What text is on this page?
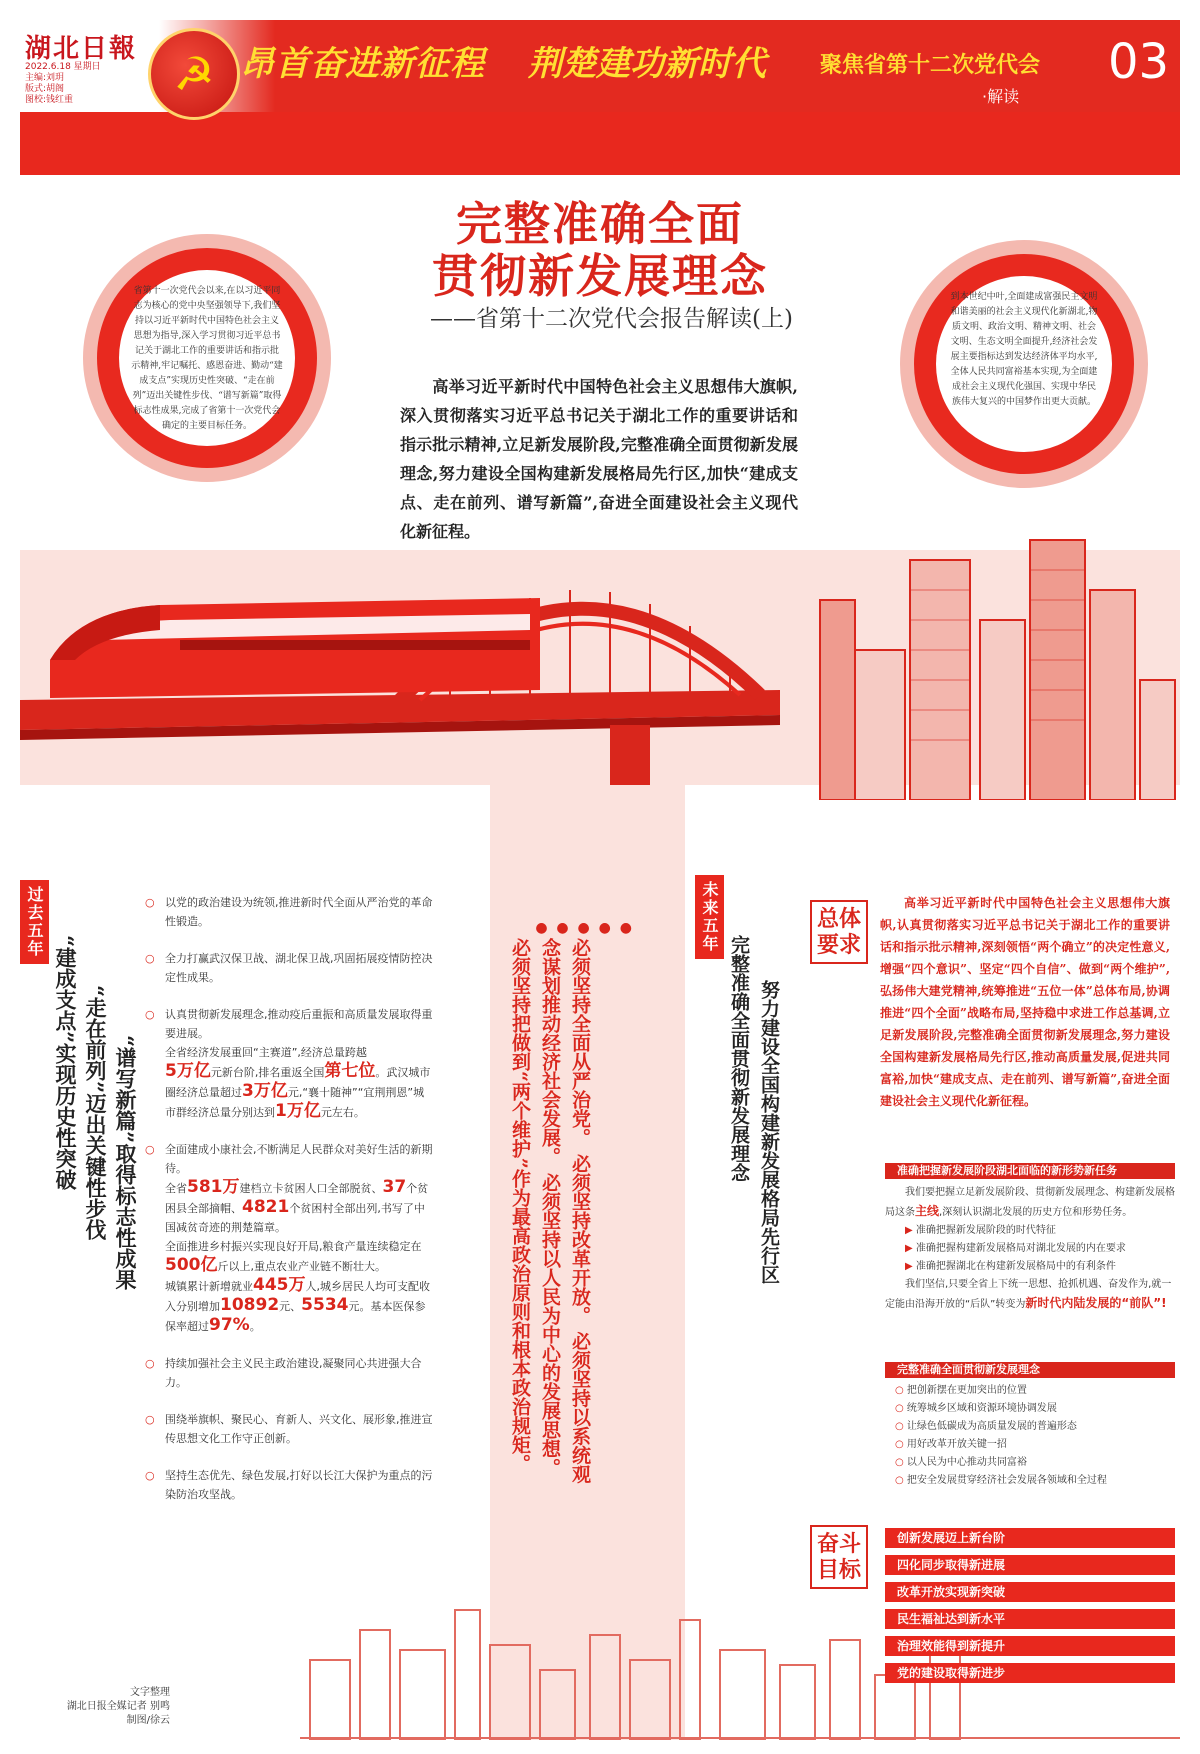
湖北日報
2022.6.18 星期日
主编:刘玥
版式:胡阁
图校:钱红重	☭ 昂首奋进新征程 荆楚建功新时代 聚焦省第十二次党代会
·解读
03
完整准确全面
贯彻新发展理念
——省第十二次党代会报告解读(上)

省第十一次党代会以来,在以习近平同志为核心的党中央坚强领导下,我们坚持以习近平新时代中国特色社会主义思想为指导,深入学习贯彻习近平总书记关于湖北工作的重要讲话和指示批示精神,牢记嘱托、感恩奋进、勤动“建成支点”实现历史性突破、“走在前列”迈出关键性步伐、“谱写新篇”取得标志性成果,完成了省第十一次党代会确定的主要目标任务。

到本世纪中叶,全面建成富强民主文明和谐美丽的社会主义现代化新湖北,物质文明、政治文明、精神文明、社会文明、生态文明全面提升,经济社会发展主要指标达到发达经济体平均水平,全体人民共同富裕基本实现,为全面建成社会主义现代化强国、实现中华民族伟大复兴的中国梦作出更大贡献。

高举习近平新时代中国特色社会主义思想伟大旗帜,深入贯彻落实习近平总书记关于湖北工作的重要讲话和指示批示精神,立足新发展阶段,完整准确全面贯彻新发展理念,努力建设全国构建新发展格局先行区,加快“建成支点、走在前列、谱写新篇”,奋进全面建设社会主义现代化新征程。
过去五年
“建成支点”实现历史性突破 “走在前列”迈出关键性步伐 “谱写新篇”取得标志性成果
○ 以党的政治建设为统领,推进新时代全面从严治党的革命性锻造。
○ 全力打赢武汉保卫战、湖北保卫战,巩固拓展疫情防控决定性成果。
○ 认真贯彻新发展理念,推动疫后重振和高质量发展取得重要进展。
全省经济发展重回“主赛道”,经济总量跨越
5万亿元新台阶,排名重返全国第七位。武汉城市圈经济总量超过3万亿元,“襄十随神”“宜荆荆恩”城市群经济总量分别达到1万亿元左右。
○ 全面建成小康社会,不断满足人民群众对美好生活的新期待。
全省581万建档立卡贫困人口全部脱贫、37个贫困县全部摘帽、4821个贫困村全部出列,书写了中国减贫奇迹的荆楚篇章。
全面推进乡村振兴实现良好开局,粮食产量连续稳定在500亿斤以上,重点农业产业链不断壮大。
城镇累计新增就业445万人,城乡居民人均可支配收入分别增加10892元、5534元。基本医保参保率超过97%。
○ 持续加强社会主义民主政治建设,凝聚同心共进强大合力。
○ 围绕举旗帜、聚民心、育新人、兴文化、展形象,推进宣传思想文化工作守正创新。
○ 坚持生态优先、绿色发展,打好以长江大保护为重点的污染防治攻坚战。
必须坚持全面从严治党。 必须坚持改革开放。 必须坚持以系统观念谋划推动经济社会发展。 必须坚持以人民为中心的发展思想。 必须坚持把做到“两个维护”作为最高政治原则和根本政治规矩。
●  ●  ●  ●  ●	未来五年
完整准确全面贯彻新发展理念 努力建设全国构建新发展格局先行区
总体要求
高举习近平新时代中国特色社会主义思想伟大旗帜,认真贯彻落实习近平总书记关于湖北工作的重要讲话和指示批示精神,深刻领悟“两个确立”的决定性意义,增强“四个意识”、坚定“四个自信”、做到“两个维护”,弘扬伟大建党精神,统筹推进“五位一体”总体布局,协调推进“四个全面”战略布局,坚持稳中求进工作总基调,立足新发展阶段,完整准确全面贯彻新发展理念,努力建设全国构建新发展格局先行区,推动高质量发展,促进共同富裕,加快“建成支点、走在前列、谱写新篇”,奋进全面建设社会主义现代化新征程。
准确把握新发展阶段湖北面临的新形势新任务
我们要把握立足新发展阶段、贯彻新发展理念、构建新发展格局这条主线,深刻认识湖北发展的历史方位和形势任务。
▶ 准确把握新发展阶段的时代特征
▶ 准确把握构建新发展格局对湖北发展的内在要求
▶ 准确把握湖北在构建新发展格局中的有利条件
我们坚信,只要全省上下统一思想、抢抓机遇、奋发作为,就一定能由沿海开放的“后队”转变为新时代内陆发展的“前队”!
完整准确全面贯彻新发展理念
○ 把创新摆在更加突出的位置
○ 统筹城乡区域和资源环境协调发展
○ 让绿色低碳成为高质量发展的普遍形态
○ 用好改革开放关键一招
○ 以人民为中心推动共同富裕
○ 把安全发展贯穿经济社会发展各领域和全过程
奋斗目标
创新发展迈上新台阶
四化同步取得新进展
改革开放实现新突破
民生福祉达到新水平
治理效能得到新提升
党的建设取得新进步
文字整理
湖北日报全媒记者 别鸣
制图/徐云
